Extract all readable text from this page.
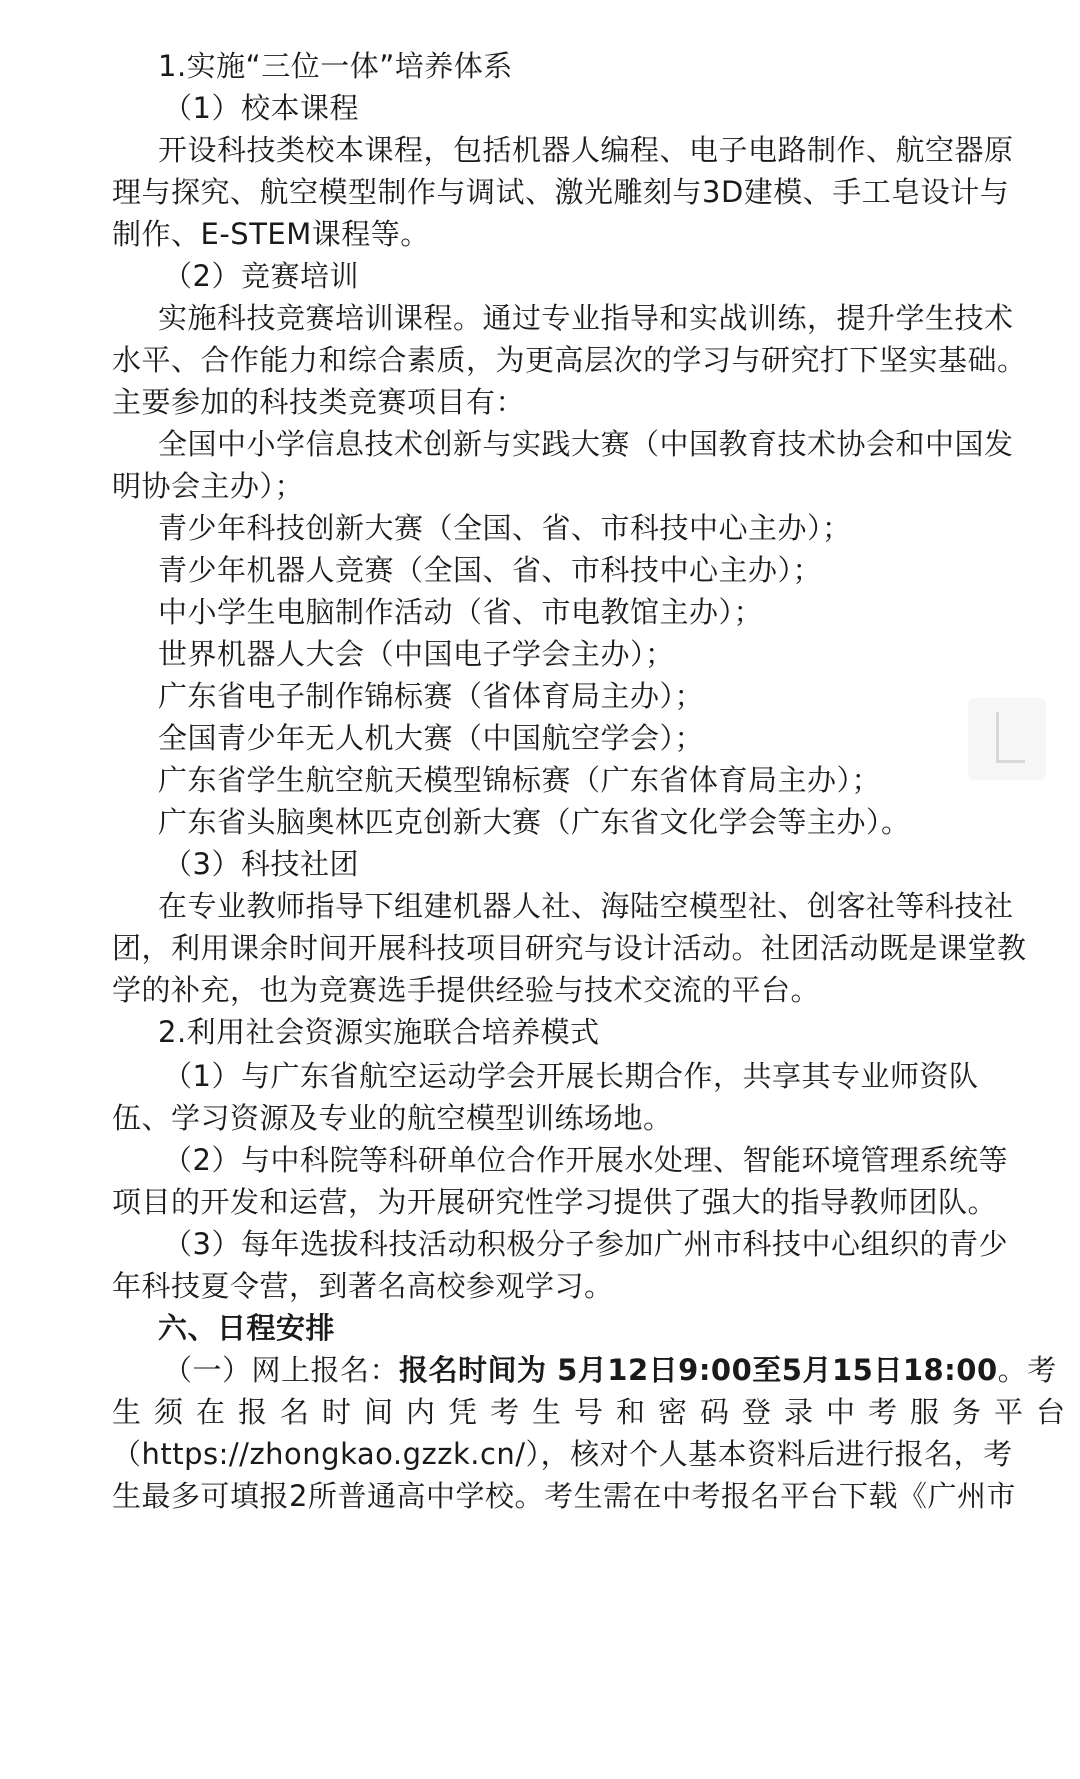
1.实施“三位一体”培养体系
（1）校本课程
开设科技类校本课程，包括机器人编程、电子电路制作、航空器原
理与探究、航空模型制作与调试、激光雕刻与3D建模、手工皂设计与
制作、E-STEM课程等。
（2）竞赛培训
实施科技竞赛培训课程。通过专业指导和实战训练，提升学生技术
水平、合作能力和综合素质，为更高层次的学习与研究打下坚实基础。
主要参加的科技类竞赛项目有：
全国中小学信息技术创新与实践大赛（中国教育技术协会和中国发
明协会主办）；
青少年科技创新大赛（全国、省、市科技中心主办）；
青少年机器人竞赛（全国、省、市科技中心主办）；
中小学生电脑制作活动（省、市电教馆主办）；
世界机器人大会（中国电子学会主办）；
广东省电子制作锦标赛（省体育局主办）；
全国青少年无人机大赛（中国航空学会）；
广东省学生航空航天模型锦标赛（广东省体育局主办）；
广东省头脑奥林匹克创新大赛（广东省文化学会等主办）。
（3）科技社团
在专业教师指导下组建机器人社、海陆空模型社、创客社等科技社
团，利用课余时间开展科技项目研究与设计活动。社团活动既是课堂教
学的补充，也为竞赛选手提供经验与技术交流的平台。
2.利用社会资源实施联合培养模式
（1）与广东省航空运动学会开展长期合作，共享其专业师资队
伍、学习资源及专业的航空模型训练场地。
（2）与中科院等科研单位合作开展水处理、智能环境管理系统等
项目的开发和运营，为开展研究性学习提供了强大的指导教师团队。
（3）每年选拔科技活动积极分子参加广州市科技中心组织的青少
年科技夏令营，到著名高校参观学习。
六、日程安排
（一）网上报名：报名时间为 5月12日9:00至5月15日18:00。考
生须在报名时间内凭考生号和密码登录中考服务平台
（https://zhongkao.gzzk.cn/），核对个人基本资料后进行报名，考
生最多可填报2所普通高中学校。考生需在中考报名平台下载《广州市
